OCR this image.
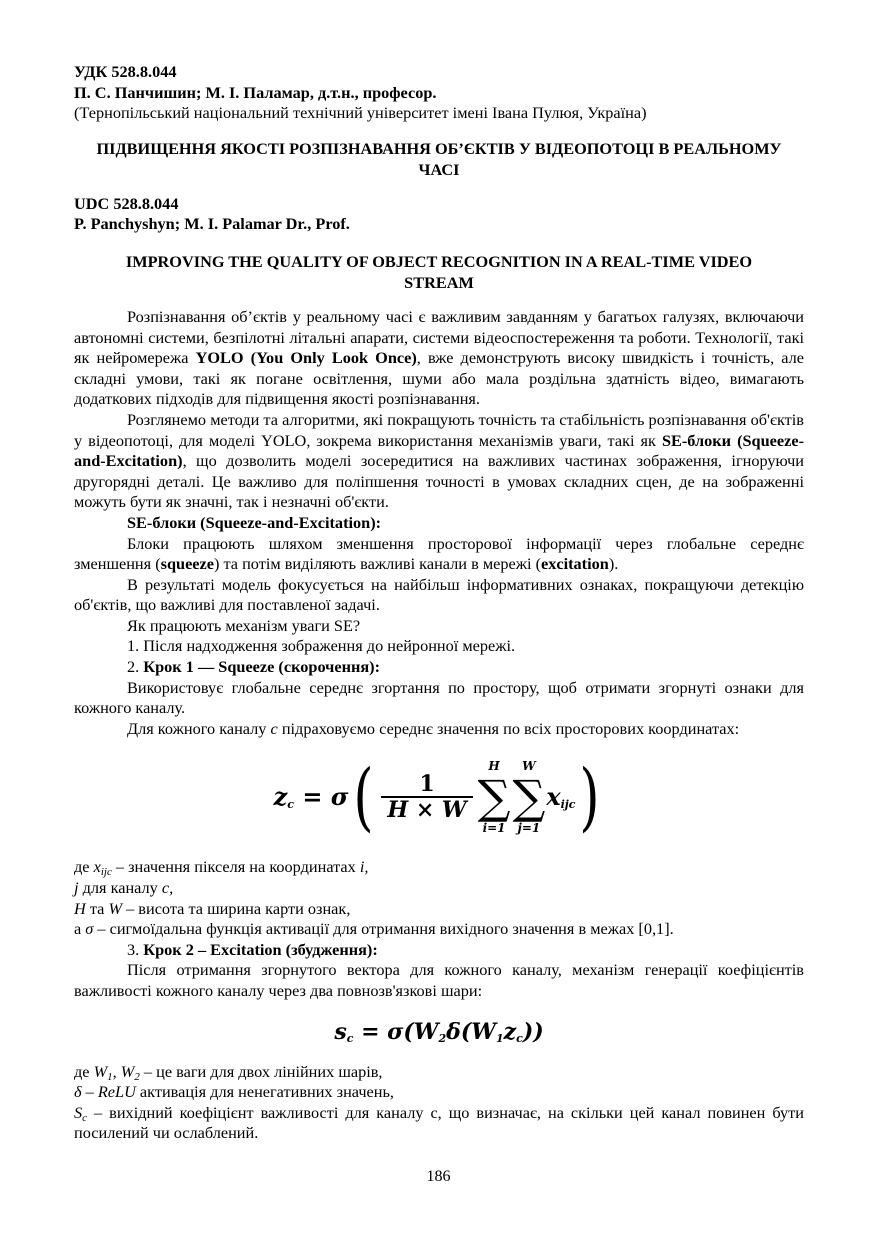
УДК 528.8.044
П. С. Панчишин; М. І. Паламар, д.т.н., професор.
(Тернопільський національний технічний університет імені Івана Пулюя, Україна)
ПІДВИЩЕННЯ ЯКОСТІ РОЗПІЗНАВАННЯ ОБ’ЄКТІВ У ВІДЕОПОТОЦІ В РЕАЛЬНОМУ ЧАСІ
UDC 528.8.044
P. Panchyshyn; M. I. Palamar Dr., Prof.
IMPROVING THE QUALITY OF OBJECT RECOGNITION IN A REAL-TIME VIDEO STREAM

Розпізнавання об’єктів у реальному часі є важливим завданням у багатьох галузях, включаючи автономні системи, безпілотні літальні апарати, системи відеоспостереження та роботи. Технології, такі як нейромережа YOLO (You Only Look Once), вже демонструють високу швидкість і точність, але складні умови, такі як погане освітлення, шуми або мала роздільна здатність відео, вимагають додаткових підходів для підвищення якості розпізнавання.

Розглянемо методи та алгоритми, які покращують точність та стабільність розпізнавання об'єктів у відеопотоці, для моделі YOLO, зокрема використання механізмів уваги, такі як SE-блоки (Squeeze-and-Excitation), що дозволить моделі зосередитися на важливих частинах зображення, ігноруючи другорядні деталі. Це важливо для поліпшення точності в умовах складних сцен, де на зображенні можуть бути як значні, так і незначні об'єкти.

SE-блоки (Squeeze-and-Excitation):

Блоки працюють шляхом зменшення просторової інформації через глобальне середнє зменшення (squeeze) та потім виділяють важливі канали в мережі (excitation).

В результаті модель фокусується на найбільш інформативних ознаках, покращуючи детекцію об'єктів, що важливі для поставленої задачі.

Як працюють механізм уваги SE?

1. Після надходження зображення до нейронної мережі.

2. Крок 1 — Squeeze (скорочення):

Використовує глобальне середнє згортання по простору, щоб отримати згорнуті ознаки для кожного каналу.

Для кожного каналу c підраховуємо середнє значення по всіх просторових координатах:

$z_c = \sigma$ ( $\frac{1}{H \times W}$
H
∑
i=1
W
∑
j=1
$x_{ijc}$ )

де $x_{ijc}$ – значення пікселя на координатах i,

j для каналу c,

H та W – висота та ширина карти ознак,

а σ – сигмоїдальна функція активації для отримання вихідного значення в межах [0,1].

3. Крок 2 – Excitation (збудження):

Після отримання згорнутого вектора для кожного каналу, механізм генерації коефіцієнтів важливості кожного каналу через два повнозв'язкові шари:

$s_c = \sigma(W_2\delta(W_1z_c))$

де $W_1$, $W_2$ – це ваги для двох лінійних шарів,

δ – ReLU активація для ненегативних значень,

$S_c$ – вихідний коефіцієнт важливості для каналу c, що визначає, на скільки цей канал повинен бути посилений чи ослаблений.

186
